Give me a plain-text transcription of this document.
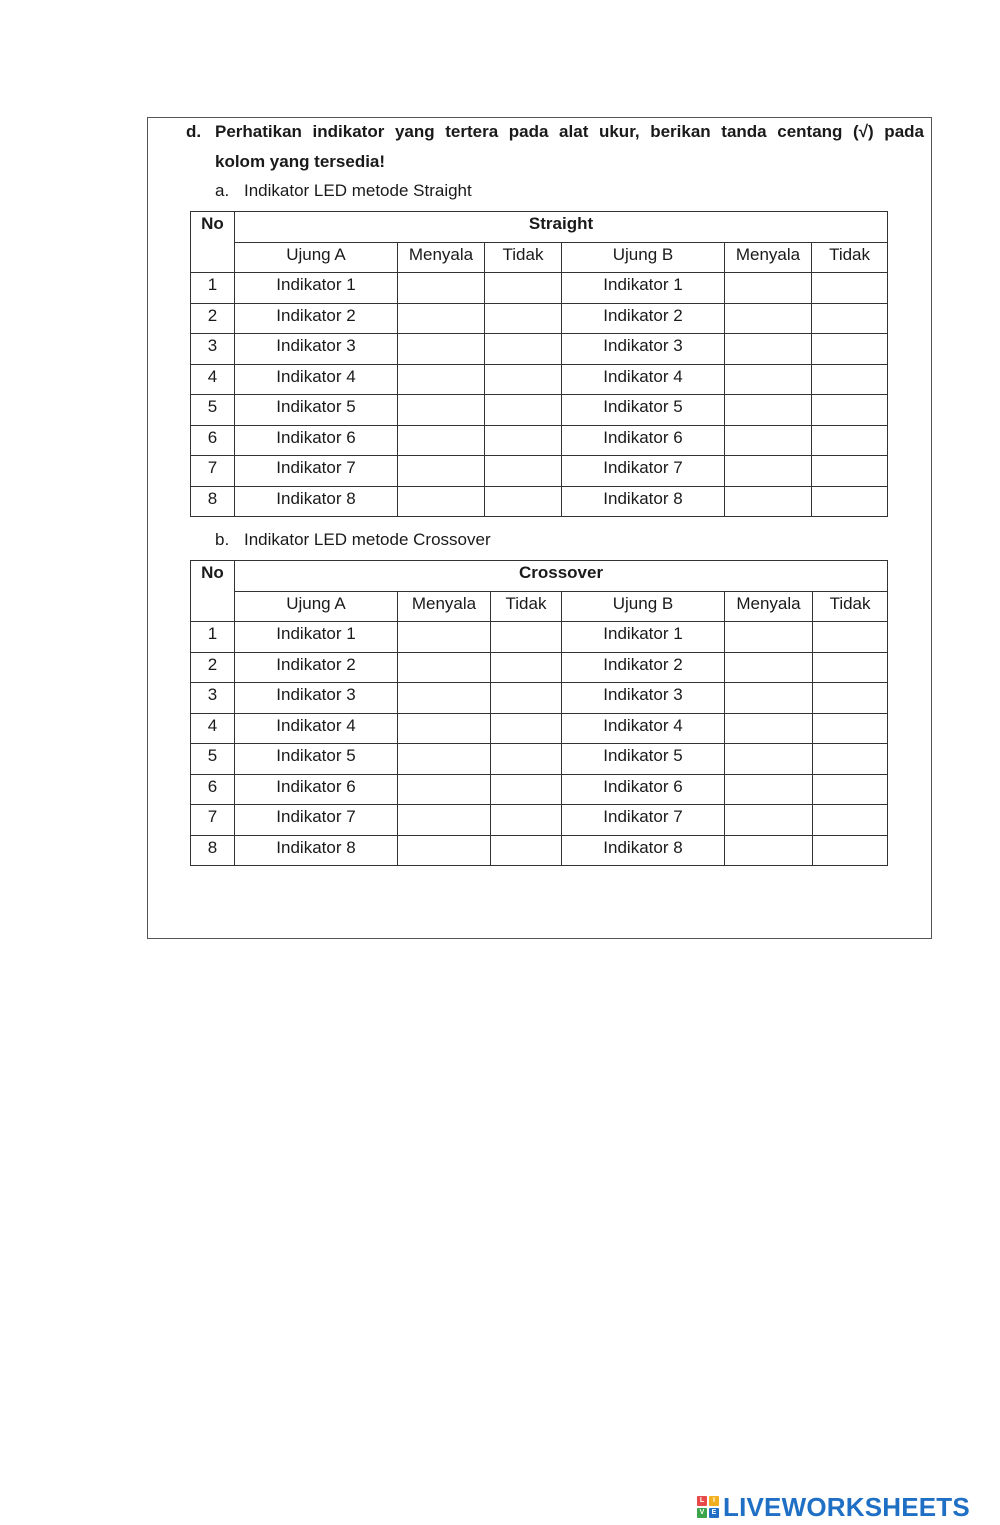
d. Perhatikan indikator yang tertera pada alat ukur, berikan tanda centang (√) pada
kolom yang tersedia!
a. Indikator LED metode Straight
No	Straight					
	Ujung A	Menyala	Tidak	Ujung B	Menyala	Tidak
1	Indikator 1			Indikator 1		
2	Indikator 2			Indikator 2		
3	Indikator 3			Indikator 3		
4	Indikator 4			Indikator 4		
5	Indikator 5			Indikator 5		
6	Indikator 6			Indikator 6		
7	Indikator 7			Indikator 7		
8	Indikator 8			Indikator 8		
b. Indikator LED metode Crossover
No	Crossover					
	Ujung A	Menyala	Tidak	Ujung B	Menyala	Tidak
1	Indikator 1			Indikator 1		
2	Indikator 2			Indikator 2		
3	Indikator 3			Indikator 3		
4	Indikator 4			Indikator 4		
5	Indikator 5			Indikator 5		
6	Indikator 6			Indikator 6		
7	Indikator 7			Indikator 7		
8	Indikator 8			Indikator 8		
L	I
V	E LIVEWORKSHEETS
